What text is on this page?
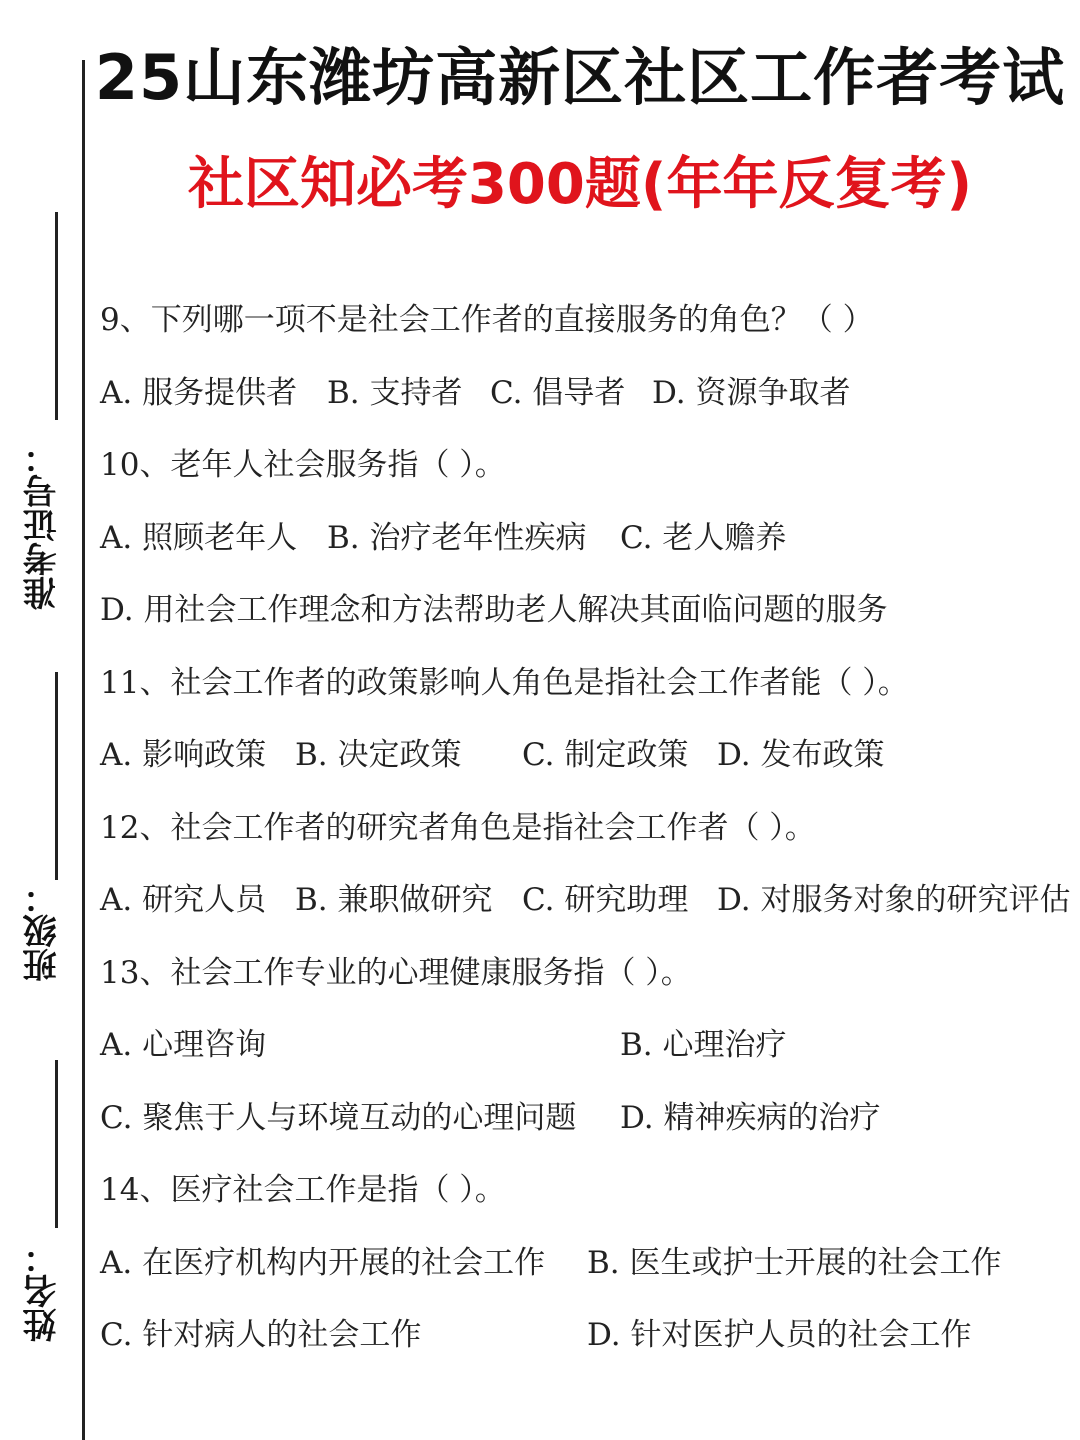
25山东潍坊高新区社区工作者考试
社区知必考300题(年年反复考)
准考证号：
班级：
姓名：
9、下列哪一项不是社会工作者的直接服务的角色？（ ）
A. 服务提供者 B. 支持者 C. 倡导者 D. 资源争取者
10、老年人社会服务指（ ）。
A. 照顾老年人 B. 治疗老年性疾病 C. 老人赡养
D. 用社会工作理念和方法帮助老人解决其面临问题的服务
11、社会工作者的政策影响人角色是指社会工作者能（ ）。
A. 影响政策 B. 决定政策 C. 制定政策 D. 发布政策
12、社会工作者的研究者角色是指社会工作者（ ）。
A. 研究人员 B. 兼职做研究 C. 研究助理 D. 对服务对象的研究评估
13、社会工作专业的心理健康服务指（ ）。
A. 心理咨询	B. 心理治疗
C. 聚焦于人与环境互动的心理问题 D. 精神疾病的治疗
14、医疗社会工作是指（ ）。
A. 在医疗机构内开展的社会工作 B. 医生或护士开展的社会工作
C. 针对病人的社会工作	D. 针对医护人员的社会工作
